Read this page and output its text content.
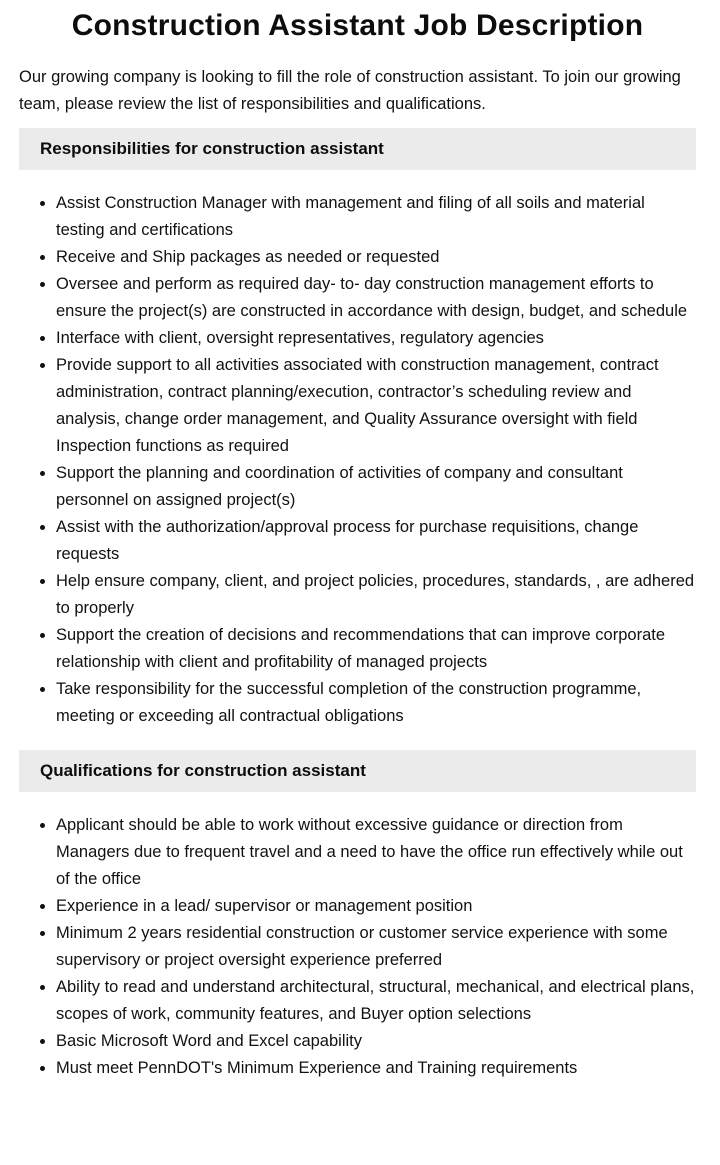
Construction Assistant Job Description

Our growing company is looking to fill the role of construction assistant. To join our growing team, please review the list of responsibilities and qualifications.

Responsibilities for construction assistant
• Assist Construction Manager with management and filing of all soils and material testing and certifications
• Receive and Ship packages as needed or requested
• Oversee and perform as required day- to- day construction management efforts to ensure the project(s) are constructed in accordance with design, budget, and schedule
• Interface with client, oversight representatives, regulatory agencies
• Provide support to all activities associated with construction management, contract administration, contract planning/execution, contractor’s scheduling review and analysis, change order management, and Quality Assurance oversight with field Inspection functions as required
• Support the planning and coordination of activities of company and consultant personnel on assigned project(s)
• Assist with the authorization/approval process for purchase requisitions, change requests
• Help ensure company, client, and project policies, procedures, standards, , are adhered to properly
• Support the creation of decisions and recommendations that can improve corporate relationship with client and profitability of managed projects
• Take responsibility for the successful completion of the construction programme, meeting or exceeding all contractual obligations
Qualifications for construction assistant
• Applicant should be able to work without excessive guidance or direction from Managers due to frequent travel and a need to have the office run effectively while out of the office
• Experience in a lead/ supervisor or management position
• Minimum 2 years residential construction or customer service experience with some supervisory or project oversight experience preferred
• Ability to read and understand architectural, structural, mechanical, and electrical plans, scopes of work, community features, and Buyer option selections
• Basic Microsoft Word and Excel capability
• Must meet PennDOT's Minimum Experience and Training requirements
